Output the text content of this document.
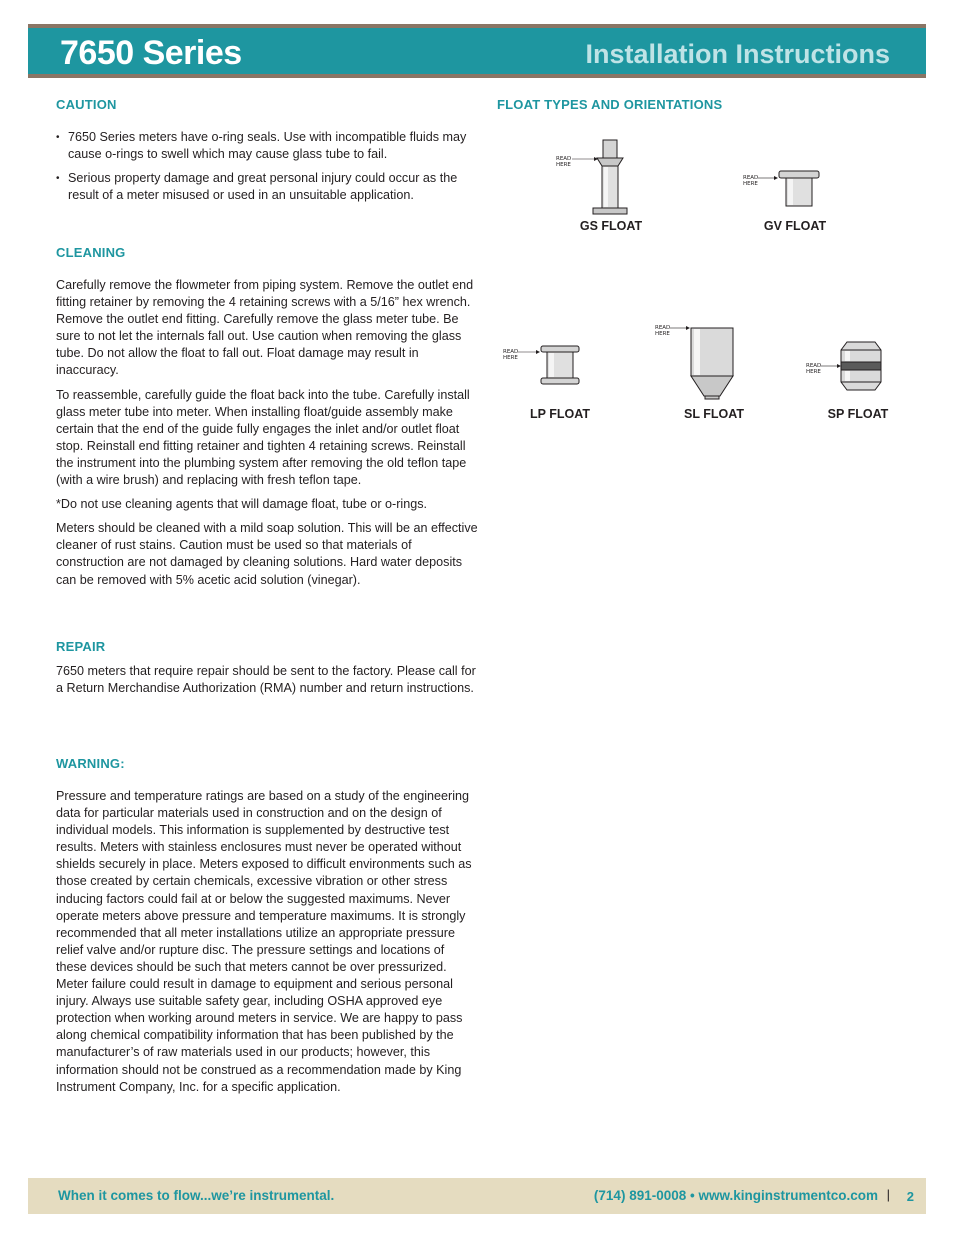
7650 Series	Installation Instructions
CAUTION
• 7650 Series meters have o-ring seals. Use with incompatible fluids may cause o-rings to swell which may cause glass tube to fail.
• Serious property damage and great personal injury could occur as the result of a meter misused or used in an unsuitable application.
CLEANING

Carefully remove the flowmeter from piping system. Remove the outlet end fitting retainer by removing the 4 retaining screws with a 5/16” hex wrench. Remove the outlet end fitting. Carefully remove the glass meter tube. Be sure to not let the internals fall out. Use caution when removing the glass tube. Do not allow the float to fall out. Float damage may result in inaccuracy.

To reassemble, carefully guide the float back into the tube. Carefully install glass meter tube into meter. When installing float/guide assembly make certain that the end of the guide fully engages the inlet and/or outlet float stop. Reinstall end fitting retainer and tighten 4 retaining screws. Reinstall the instrument into the plumbing system after removing the old teflon tape (with a wire brush) and replacing with fresh teflon tape.

*Do not use cleaning agents that will damage float, tube or o-rings.

Meters should be cleaned with a mild soap solution. This will be an effective cleaner of rust stains. Caution must be used so that materials of construction are not damaged by cleaning solutions. Hard water deposits can be removed with 5% acetic acid solution (vinegar).

REPAIR

7650 meters that require repair should be sent to the factory. Please call for a Return Merchandise Authorization (RMA) number and return instructions.

WARNING:

Pressure and temperature ratings are based on a study of the engineering data for particular materials used in construction and on the design of individual models. This information is supplemented by destructive test results. Meters with stainless enclosures must never be operated without shields securely in place. Meters exposed to difficult environments such as those created by certain chemicals, excessive vibration or other stress inducing factors could fail at or below the suggested maximums. Never operate meters above pressure and temperature maximums. It is strongly recommended that all meter installations utilize an appropriate pressure relief valve and/or rupture disc. The pressure settings and locations of these devices should be such that meters cannot be over pressurized. Meter failure could result in damage to equipment and serious personal injury. Always use suitable safety gear, including OSHA approved eye protection when working around meters in service. We are happy to pass along chemical compatibility information that has been published by the manufacturer’s of raw materials used in our products; however, this information should not be construed as a recommendation made by King Instrument Company, Inc. for a specific application.

FLOAT TYPES AND ORIENTATIONS
READ
HERE
GS FLOAT
READ
HERE
GV FLOAT
READ
HERE
LP FLOAT
READ
HERE
SL FLOAT
READ
HERE
SP FLOAT
When it comes to flow...we’re instrumental.	(714) 891-0008 • www.kinginstrumentco.com | 2
